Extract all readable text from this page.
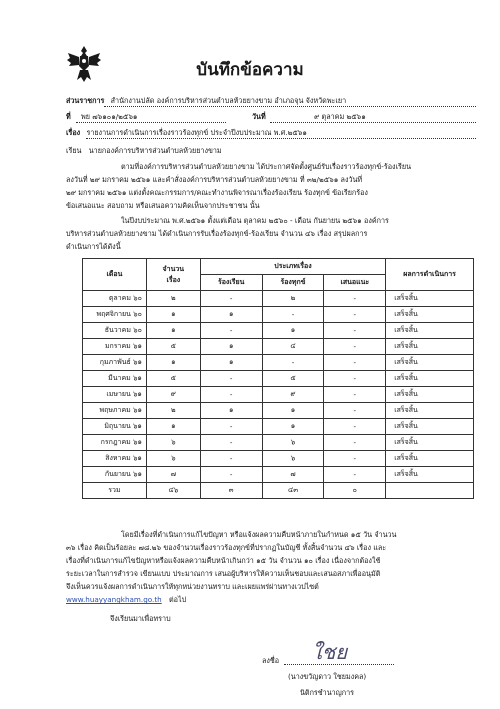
บันทึกข้อความ
ส่วนราชการ สำนักงานปลัด องค์การบริหารส่วนตำบลห้วยยางขาม อำเภอจุน จังหวัดพะเยา
ที่ พย ๗๖๑๐๑/๒๕๖๑	วันที่	๙ ตุลาคม ๒๕๖๑
เรื่อง รายงานการดำเนินการเรื่องราวร้องทุกข์ ประจำปีงบประมาณ พ.ศ.๒๕๖๑
เรียน นายกองค์การบริหารส่วนตำบลห้วยยางขาม

ตามที่องค์การบริหารส่วนตำบลห้วยยางขาม ได้ประกาศจัดตั้งศูนย์รับเรื่องราวร้องทุกข์-ร้องเรียน

ลงวันที่ ๒๙ มกราคม ๒๕๖๑ และคำสั่งองค์การบริหารส่วนตำบลห้วยยางขาม ที่ ๓๒/๒๕๖๑ ลงวันที่

๒๙ มกราคม ๒๕๖๑ แต่งตั้งคณะกรรมการ/คณะทำงานพิจารณาเรื่องร้องเรียน ร้องทุกข์ ข้อเรียกร้อง

ข้อเสนอแนะ สอบถาม หรือเสนอความคิดเห็นจากประชาชน นั้น

ในปีงบประมาณ พ.ศ.๒๕๖๑ ตั้งแต่เดือน ตุลาคม ๒๕๖๐ - เดือน กันยายน ๒๕๖๑ องค์การ

บริหารส่วนตำบลห้วยยางขาม ได้ดำเนินการรับเรื่องร้องทุกข์-ร้องเรียน จำนวน ๔๖ เรื่อง สรุปผลการ

ดำเนินการได้ดังนี้

เดือน	จำนวน
เรื่อง	ประเภทเรื่อง			ผลการดำเนินการ
		ร้องเรียน	ร้องทุกข์	เสนอแนะ	
ตุลาคม ๖๐	๒	-	๒	-	เสร็จสิ้น
พฤศจิกายน ๖๐	๑	๑	-	-	เสร็จสิ้น
ธันวาคม ๖๐	๑	-	๑	-	เสร็จสิ้น
มกราคม ๖๑	๕	๑	๔	-	เสร็จสิ้น
กุมภาพันธ์ ๖๑	๑	๑	-	-	เสร็จสิ้น
มีนาคม ๖๑	๕	-	๕	-	เสร็จสิ้น
เมษายน ๖๑	๙	-	๙	-	เสร็จสิ้น
พฤษภาคม ๖๑	๒	๑	๑	-	เสร็จสิ้น
มิถุนายน ๖๑	๑	-	๑	-	เสร็จสิ้น
กรกฎาคม ๖๑	๖	-	๖	-	เสร็จสิ้น
สิงหาคม ๖๑	๖	-	๖	-	เสร็จสิ้น
กันยายน ๖๑	๗	-	๗	-	เสร็จสิ้น
รวม	๔๖	๓	๔๓	๐	

โดยมีเรื่องที่ดำเนินการแก้ไขปัญหา หรือแจ้งผลความคืบหน้าภายในกำหนด ๑๕ วัน จำนวน

๓๖ เรื่อง คิดเป็นร้อยละ ๗๘.๒๖ ของจำนวนเรื่องราวร้องทุกข์ที่ปรากฏในบัญชี ทั้งสิ้นจำนวน ๔๖ เรื่อง และ

เรื่องที่ดำเนินการแก้ไขปัญหาหรือแจ้งผลความคืบหน้าเกินกว่า ๑๕ วัน จำนวน ๑๐ เรื่อง เนื่องจากต้องใช้

ระยะเวลาในการสำรวจ เขียนแบบ ประมาณการ เสนอผู้บริหารให้ความเห็นชอบและเสนอสภาเพื่ออนุมัติ

จึงเห็นควรแจ้งผลการดำเนินการให้ทุกหน่วยงานทราบ และเผยแพร่ผ่านทางเวปไซต์

www.huayyangkham.go.th ต่อไป

จึงเรียนมาเพื่อทราบ
ลงชื่อ ใชย
(นางขวัญดาว ใชยมงคล)
นิติกรชำนาญการ
